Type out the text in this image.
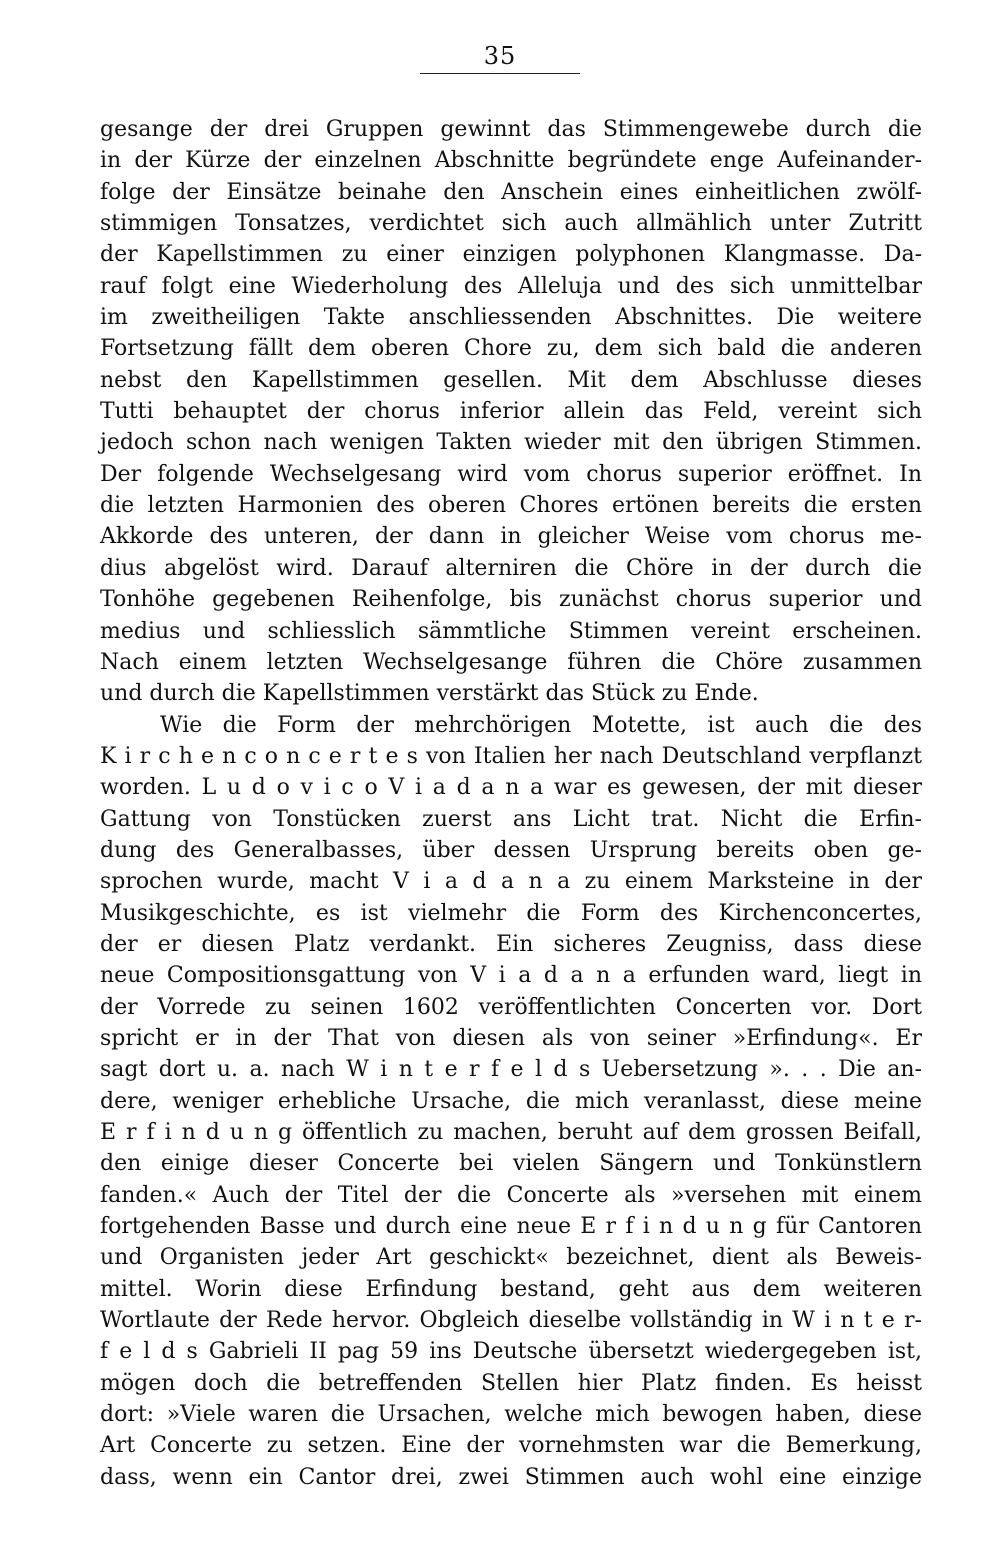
35
gesange der drei Gruppen gewinnt das Stimmengewebe durch die
in der Kürze der einzelnen Abschnitte begründete enge Aufeinander-
folge der Einsätze beinahe den Anschein eines einheitlichen zwölf-
stimmigen Tonsatzes, verdichtet sich auch allmählich unter Zutritt
der Kapellstimmen zu einer einzigen polyphonen Klangmasse. Da-
rauf folgt eine Wiederholung des Alleluja und des sich unmittelbar
im zweitheiligen Takte anschliessenden Abschnittes. Die weitere
Fortsetzung fällt dem oberen Chore zu, dem sich bald die anderen
nebst den Kapellstimmen gesellen. Mit dem Abschlusse dieses
Tutti behauptet der chorus inferior allein das Feld, vereint sich
jedoch schon nach wenigen Takten wieder mit den übrigen Stimmen.
Der folgende Wechselgesang wird vom chorus superior eröffnet. In
die letzten Harmonien des oberen Chores ertönen bereits die ersten
Akkorde des unteren, der dann in gleicher Weise vom chorus me-
dius abgelöst wird. Darauf alterniren die Chöre in der durch die
Tonhöhe gegebenen Reihenfolge, bis zunächst chorus superior und
medius und schliesslich sämmtliche Stimmen vereint erscheinen.
Nach einem letzten Wechselgesange führen die Chöre zusammen
und durch die Kapellstimmen verstärkt das Stück zu Ende.
Wie die Form der mehrchörigen Motette, ist auch die des
K i r c h e n c o n c e r t e s von Italien her nach Deutschland verpflanzt
worden. L u d o v i c o V i a d a n a war es gewesen, der mit dieser
Gattung von Tonstücken zuerst ans Licht trat. Nicht die Erfin-
dung des Generalbasses, über dessen Ursprung bereits oben ge-
sprochen wurde, macht V i a d a n a zu einem Marksteine in der
Musikgeschichte, es ist vielmehr die Form des Kirchenconcertes,
der er diesen Platz verdankt. Ein sicheres Zeugniss, dass diese
neue Compositionsgattung von V i a d a n a erfunden ward, liegt in
der Vorrede zu seinen 1602 veröffentlichten Concerten vor. Dort
spricht er in der That von diesen als von seiner »Erfindung«. Er
sagt dort u. a. nach W i n t e r f e l d s Uebersetzung ». . . Die an-
dere, weniger erhebliche Ursache, die mich veranlasst, diese meine
E r f i n d u n g öffentlich zu machen, beruht auf dem grossen Beifall,
den einige dieser Concerte bei vielen Sängern und Tonkünstlern
fanden.« Auch der Titel der die Concerte als »versehen mit einem
fortgehenden Basse und durch eine neue E r f i n d u n g für Cantoren
und Organisten jeder Art geschickt« bezeichnet, dient als Beweis-
mittel. Worin diese Erfindung bestand, geht aus dem weiteren
Wortlaute der Rede hervor. Obgleich dieselbe vollständig in W i n t e r-
f e l d s Gabrieli II pag 59 ins Deutsche übersetzt wiedergegeben ist,
mögen doch die betreffenden Stellen hier Platz finden. Es heisst
dort: »Viele waren die Ursachen, welche mich bewogen haben, diese
Art Concerte zu setzen. Eine der vornehmsten war die Bemerkung,
dass, wenn ein Cantor drei, zwei Stimmen auch wohl eine einzige
